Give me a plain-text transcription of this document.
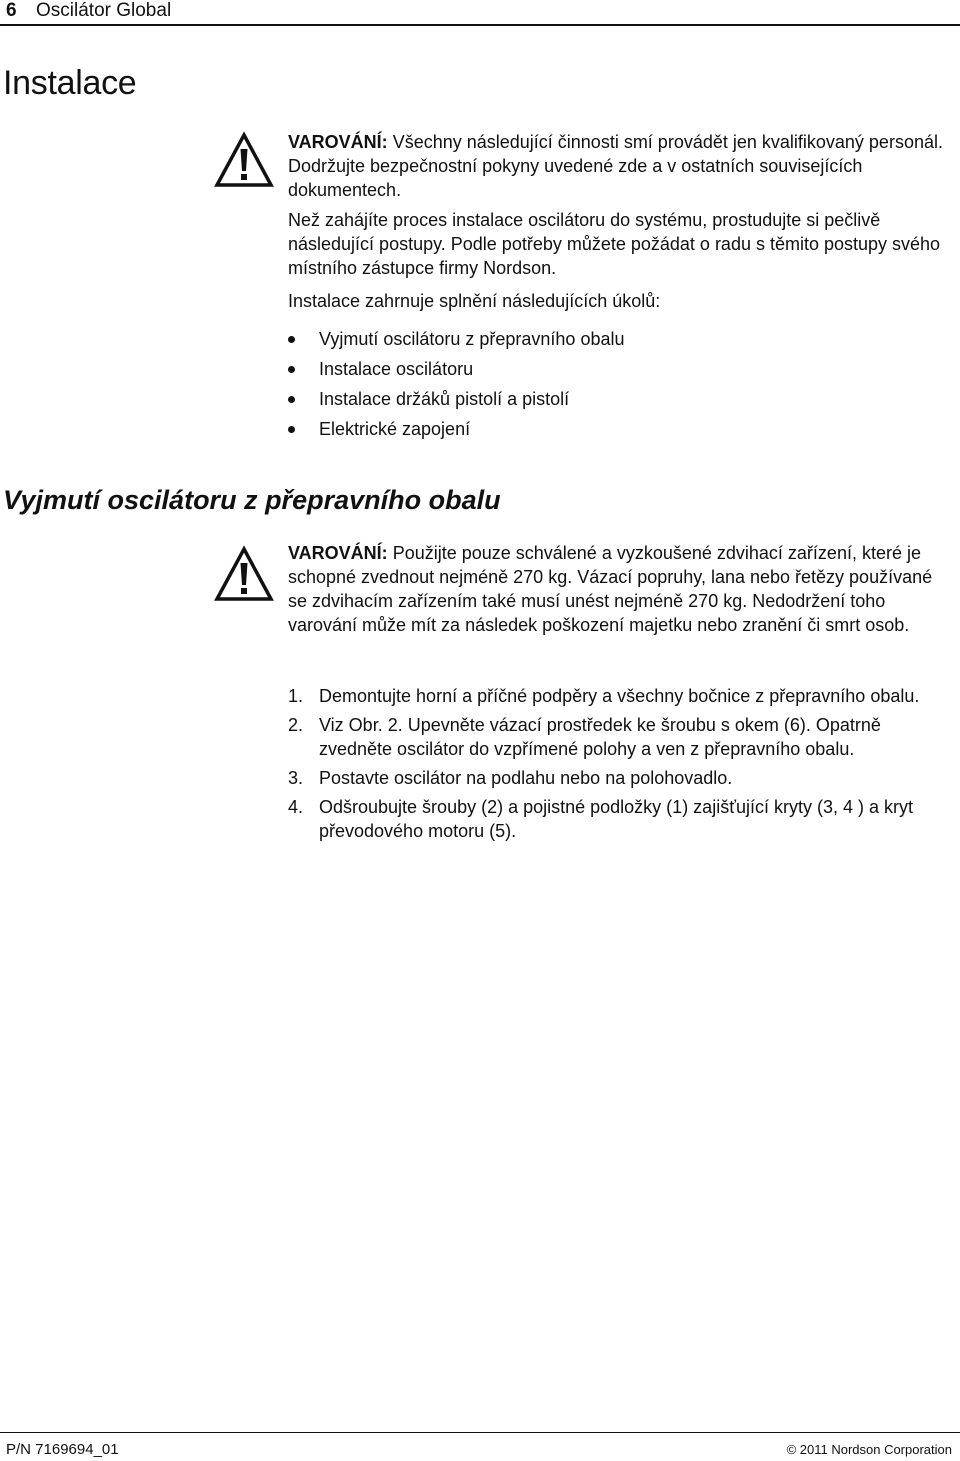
6 Oscilátor Global
Instalace

VAROVÁNÍ: Všechny následující činnosti smí provádět jen kvalifikovaný personál. Dodržujte bezpečnostní pokyny uvedené zde a v ostatních souvisejících dokumentech.

Než zahájíte proces instalace oscilátoru do systému, prostudujte si pečlivě následující postupy. Podle potřeby můžete požádat o radu s těmito postupy svého místního zástupce firmy Nordson.

Instalace zahrnuje splnění následujících úkolů:

Vyjmutí oscilátoru z přepravního obalu
Instalace oscilátoru
Instalace držáků pistolí a pistolí
Elektrické zapojení
Vyjmutí oscilátoru z přepravního obalu

VAROVÁNÍ: Použijte pouze schválené a vyzkoušené zdvihací zařízení, které je schopné zvednout nejméně 270 kg. Vázací popruhy, lana nebo řetězy používané se zdvihacím zařízením také musí unést nejméně 270 kg. Nedodržení toho varování může mít za následek poškození majetku nebo zranění či smrt osob.

1. Demontujte horní a příčné podpěry a všechny bočnice z přepravního obalu.
2. Viz Obr. 2. Upevněte vázací prostředek ke šroubu s okem (6). Opatrně zvedněte oscilátor do vzpřímené polohy a ven z přepravního obalu.
3. Postavte oscilátor na podlahu nebo na polohovadlo.
4. Odšroubujte šrouby (2) a pojistné podložky (1) zajišťující kryty (3, 4 ) a kryt převodového motoru (5).
P/N 7169694_01	© 2011 Nordson Corporation
